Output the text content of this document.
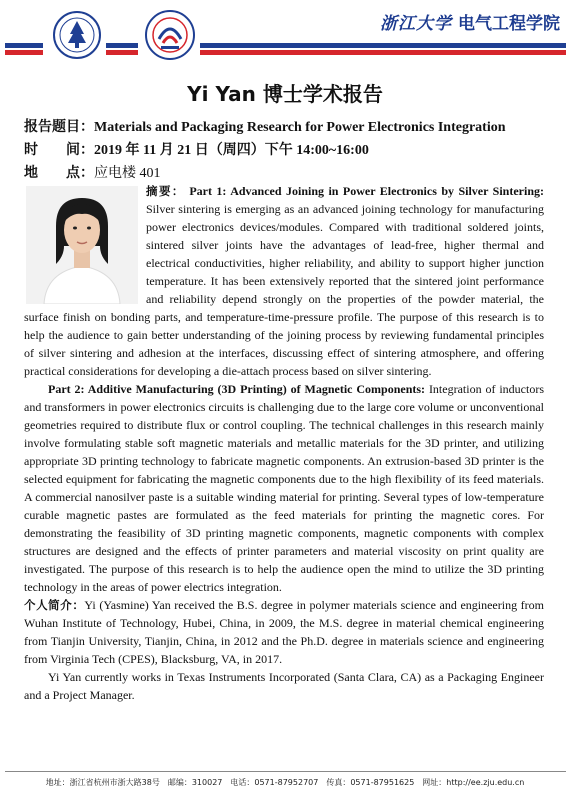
浙江大学 电气工程学院
Yi Yan 博士学术报告
报告题目：Materials and Packaging Research for Power Electronics Integration
时　　间：2019 年 11 月 21 日（周四）下午 14:00~16:00
地　　点：应电楼 401

摘要： Part 1: Advanced Joining in Power Electronics by Silver Sintering: Silver sintering is emerging as an advanced joining technology for manufacturing power electronics devices/modules. Compared with traditional soldered joints, sintered silver joints have the advantages of lead-free, higher thermal and electrical conductivities, higher reliability, and ability to support higher junction temperature. It has been extensively reported that the sintered joint performance and reliability depend strongly on the properties of the powder material, the surface finish on bonding parts, and temperature-time-pressure profile. The purpose of this research is to help the audience to gain better understanding of the joining process by reviewing fundamental principles of silver sintering and adhesion at the interfaces, discussing effect of sintering atmosphere, and offering practical considerations for developing a die-attach process based on silver sintering.

Part 2: Additive Manufacturing (3D Printing) of Magnetic Components: Integration of inductors and transformers in power electronics circuits is challenging due to the large core volume or unconventional geometries required to distribute flux or control coupling. The technical challenges in this research mainly involve formulating stable soft magnetic materials and metallic materials for the 3D printer, and utilizing appropriate 3D printing technology to fabricate magnetic components. An extrusion-based 3D printer is the selected equipment for fabricating the magnetic components due to the high flexibility of its feed materials. A commercial nanosilver paste is a suitable winding material for printing. Several types of low-temperature curable magnetic pastes are formulated as the feed materials for printing the magnetic cores. For demonstrating the feasibility of 3D printing magnetic components, magnetic components with complex structures are designed and the effects of printer parameters and material viscosity on print quality are investigated. The purpose of this research is to help the audience open the mind to utilize the 3D printing technology in the areas of power electrics integration.

个人简介：Yi (Yasmine) Yan received the B.S. degree in polymer materials science and engineering from Wuhan Institute of Technology, Hubei, China, in 2009, the M.S. degree in material chemical engineering from Tianjin University, Tianjin, China, in 2012 and the Ph.D. degree in materials science and engineering from Virginia Tech (CPES), Blacksburg, VA, in 2017.

Yi Yan currently works in Texas Instruments Incorporated (Santa Clara, CA) as a Packaging Engineer and a Project Manager.

地址：浙江省杭州市浙大路38号　邮编：310027　电话：0571-87952707　传真：0571-87951625　网址：http://ee.zju.edu.cn
